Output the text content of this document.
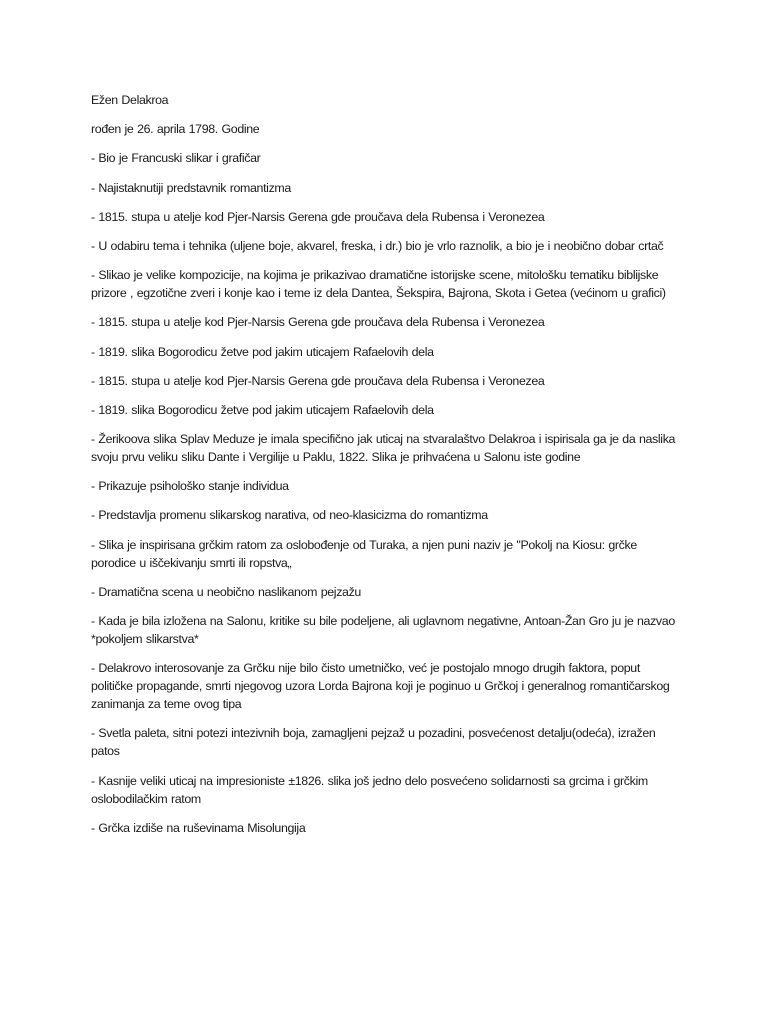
Ežen Delakroa

rođen je 26. aprila 1798. Godine

- Bio je Francuski slikar i grafičar

- Najistaknutiji predstavnik romantizma

- 1815. stupa u atelje kod Pjer-Narsis Gerena gde proučava dela Rubensa i Veronezea

- U odabiru tema i tehnika (uljene boje, akvarel, freska, i dr.) bio je vrlo raznolik, a bio je i neobično dobar crtač

- Slikao je velike kompozicije, na kojima je prikazivao dramatične istorijske scene, mitološku tematiku biblijske prizore , egzotične zveri i konje kao i teme iz dela Dantea, Šekspira, Bajrona, Skota i Getea (većinom u grafici)

- 1815. stupa u atelje kod Pjer-Narsis Gerena gde proučava dela Rubensa i Veronezea

- 1819. slika Bogorodicu žetve pod jakim uticajem Rafaelovih dela

- 1815. stupa u atelje kod Pjer-Narsis Gerena gde proučava dela Rubensa i Veronezea

- 1819. slika Bogorodicu žetve pod jakim uticajem Rafaelovih dela

- Žerikoova slika Splav Meduze je imala specifično jak uticaj na stvaralaštvo Delakroa i ispirisala ga je da naslika svoju prvu veliku sliku Dante i Vergilije u Paklu, 1822. Slika je prihvaćena u Salonu iste godine

- Prikazuje psihološko stanje individua

- Predstavlja promenu slikarskog narativa, od neo-klasicizma do romantizma

- Slika je inspirisana grčkim ratom za oslobođenje od Turaka, a njen puni naziv je "Pokolj na Kiosu: grčke porodice u iščekivanju smrti ili ropstva„

- Dramatična scena u neobično naslikanom pejzažu

- Kada je bila izložena na Salonu, kritike su bile podeljene, ali uglavnom negativne, Antoan-Žan Gro ju je nazvao *pokoljem slikarstva*

- Delakrovo interosovanje za Grčku nije bilo čisto umetničko, već je postojalo mnogo drugih faktora, poput političke propagande, smrti njegovog uzora Lorda Bajrona koji je poginuo u Grčkoj i generalnog romantičarskog zanimanja za teme ovog tipa

- Svetla paleta, sitni potezi intezivnih boja, zamagljeni pejzaž u pozadini, posvećenost detalju(odeća), izražen patos

- Kasnije veliki uticaj na impresioniste ±1826. slika još jedno delo posvećeno solidarnosti sa grcima i grčkim oslobodilačkim ratom

- Grčka izdiše na ruševinama Misolungija
